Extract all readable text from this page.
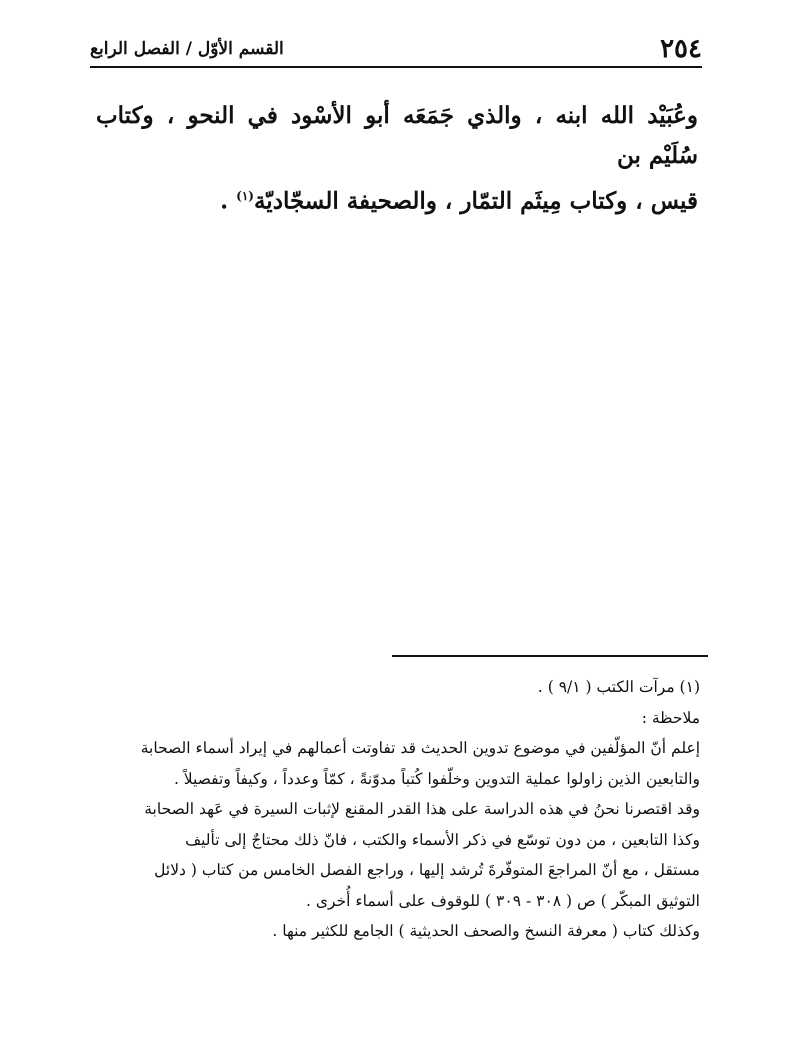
٢٥٤
القسم الأوّل / الفصل الرابع

وعُبَيْد الله ابنه ، والذي جَمَعَه أبو الأسْود في النحو ، وكتاب سُلَيْم بن

قيس ، وكتاب مِيثَم التمّار ، والصحيفة السجّاديّة$^{(١)}$ .

(١) مرآت الكتب ( ٩/١ ) .

ملاحظة :

إعلم أنّ المؤلّفين في موضوع تدوين الحديث قد تفاوتت أعمالهم في إيراد أسماء الصحابة

والتابعين الذين زاولوا عملية التدوين وخلّفوا كُتباً مدوّنةً ، كمّاً وعدداً ، وكيفاً وتفصيلاً .

وقد اقتصرنا نحنُ في هذه الدراسة على هذا القدر المقنع لإثبات السيرة في عَهد الصحابة

وكذا التابعين ، من دون توسّع في ذكر الأسماء والكتب ، فانّ ذلك محتاجٌ إلى تأليف

مستقل ، مع أنّ المراجعَ المتوفّرةَ تُرشد إليها ، وراجع الفصل الخامس من كتاب ( دلائل

التوثيق المبكّر ) ص ( ٣٠٨ - ٣٠٩ ) للوقوف على أسماء أُخرى .

وكذلك كتاب ( معرفة النسخ والصحف الحديثية ) الجامع للكثير منها .
